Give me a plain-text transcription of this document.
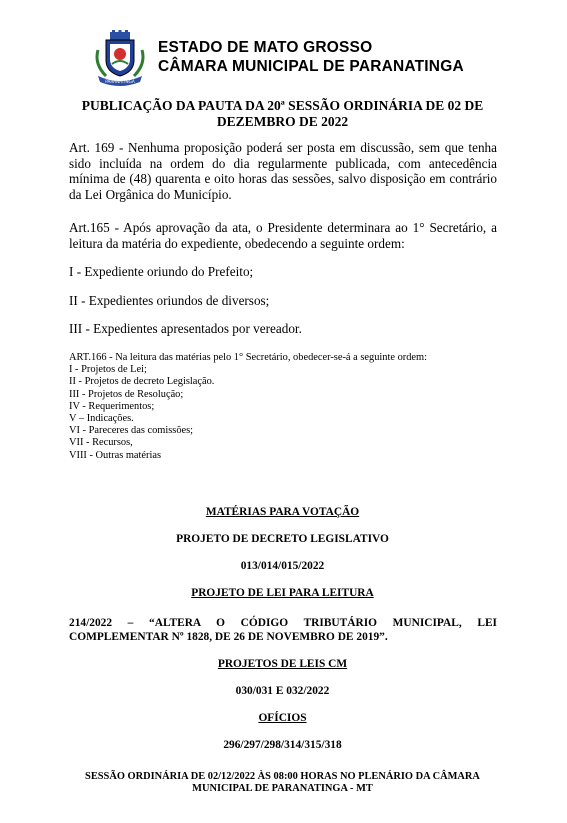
PARANATINGA
ESTADO DE MATO GROSSO
CÂMARA MUNICIPAL DE PARANATINGA
PUBLICAÇÃO DA PAUTA DA 20ª SESSÃO ORDINÁRIA DE 02 DE DEZEMBRO DE 2022
Art. 169 - Nenhuma proposição poderá ser posta em discussão, sem que tenha sido incluída na ordem do dia regularmente publicada, com antecedência mínima de (48) quarenta e oito horas das sessões, salvo disposição em contrário da Lei Orgânica do Município.
Art.165 - Após aprovação da ata, o Presidente determinara ao 1° Secretário, a leitura da matéria do expediente, obedecendo a seguinte ordem:
I - Expediente oriundo do Prefeito;
II - Expedientes oriundos de diversos;
III - Expedientes apresentados por vereador.
ART.166 - Na leitura das matérias pelo 1° Secretário, obedecer-se-á a seguinte ordem:
I - Projetos de Lei;
II - Projetos de decreto Legislação.
III - Projetos de Resolução;
IV - Requerimentos;
V – Indicações.
VI - Pareceres das comissões;
VII - Recursos,
VIII - Outras matérias
MATÉRIAS PARA VOTAÇÃO
PROJETO DE DECRETO LEGISLATIVO
013/014/015/2022
PROJETO DE LEI PARA LEITURA
214/2022 – “ALTERA O CÓDIGO TRIBUTÁRIO MUNICIPAL, LEI COMPLEMENTAR Nº 1828, DE 26 DE NOVEMBRO DE 2019”.
PROJETOS DE LEIS CM
030/031 E 032/2022
OFÍCIOS
296/297/298/314/315/318
SESSÃO ORDINÁRIA DE 02/12/2022 ÀS 08:00 HORAS NO PLENÁRIO DA CÂMARA MUNICIPAL DE PARANATINGA - MT
